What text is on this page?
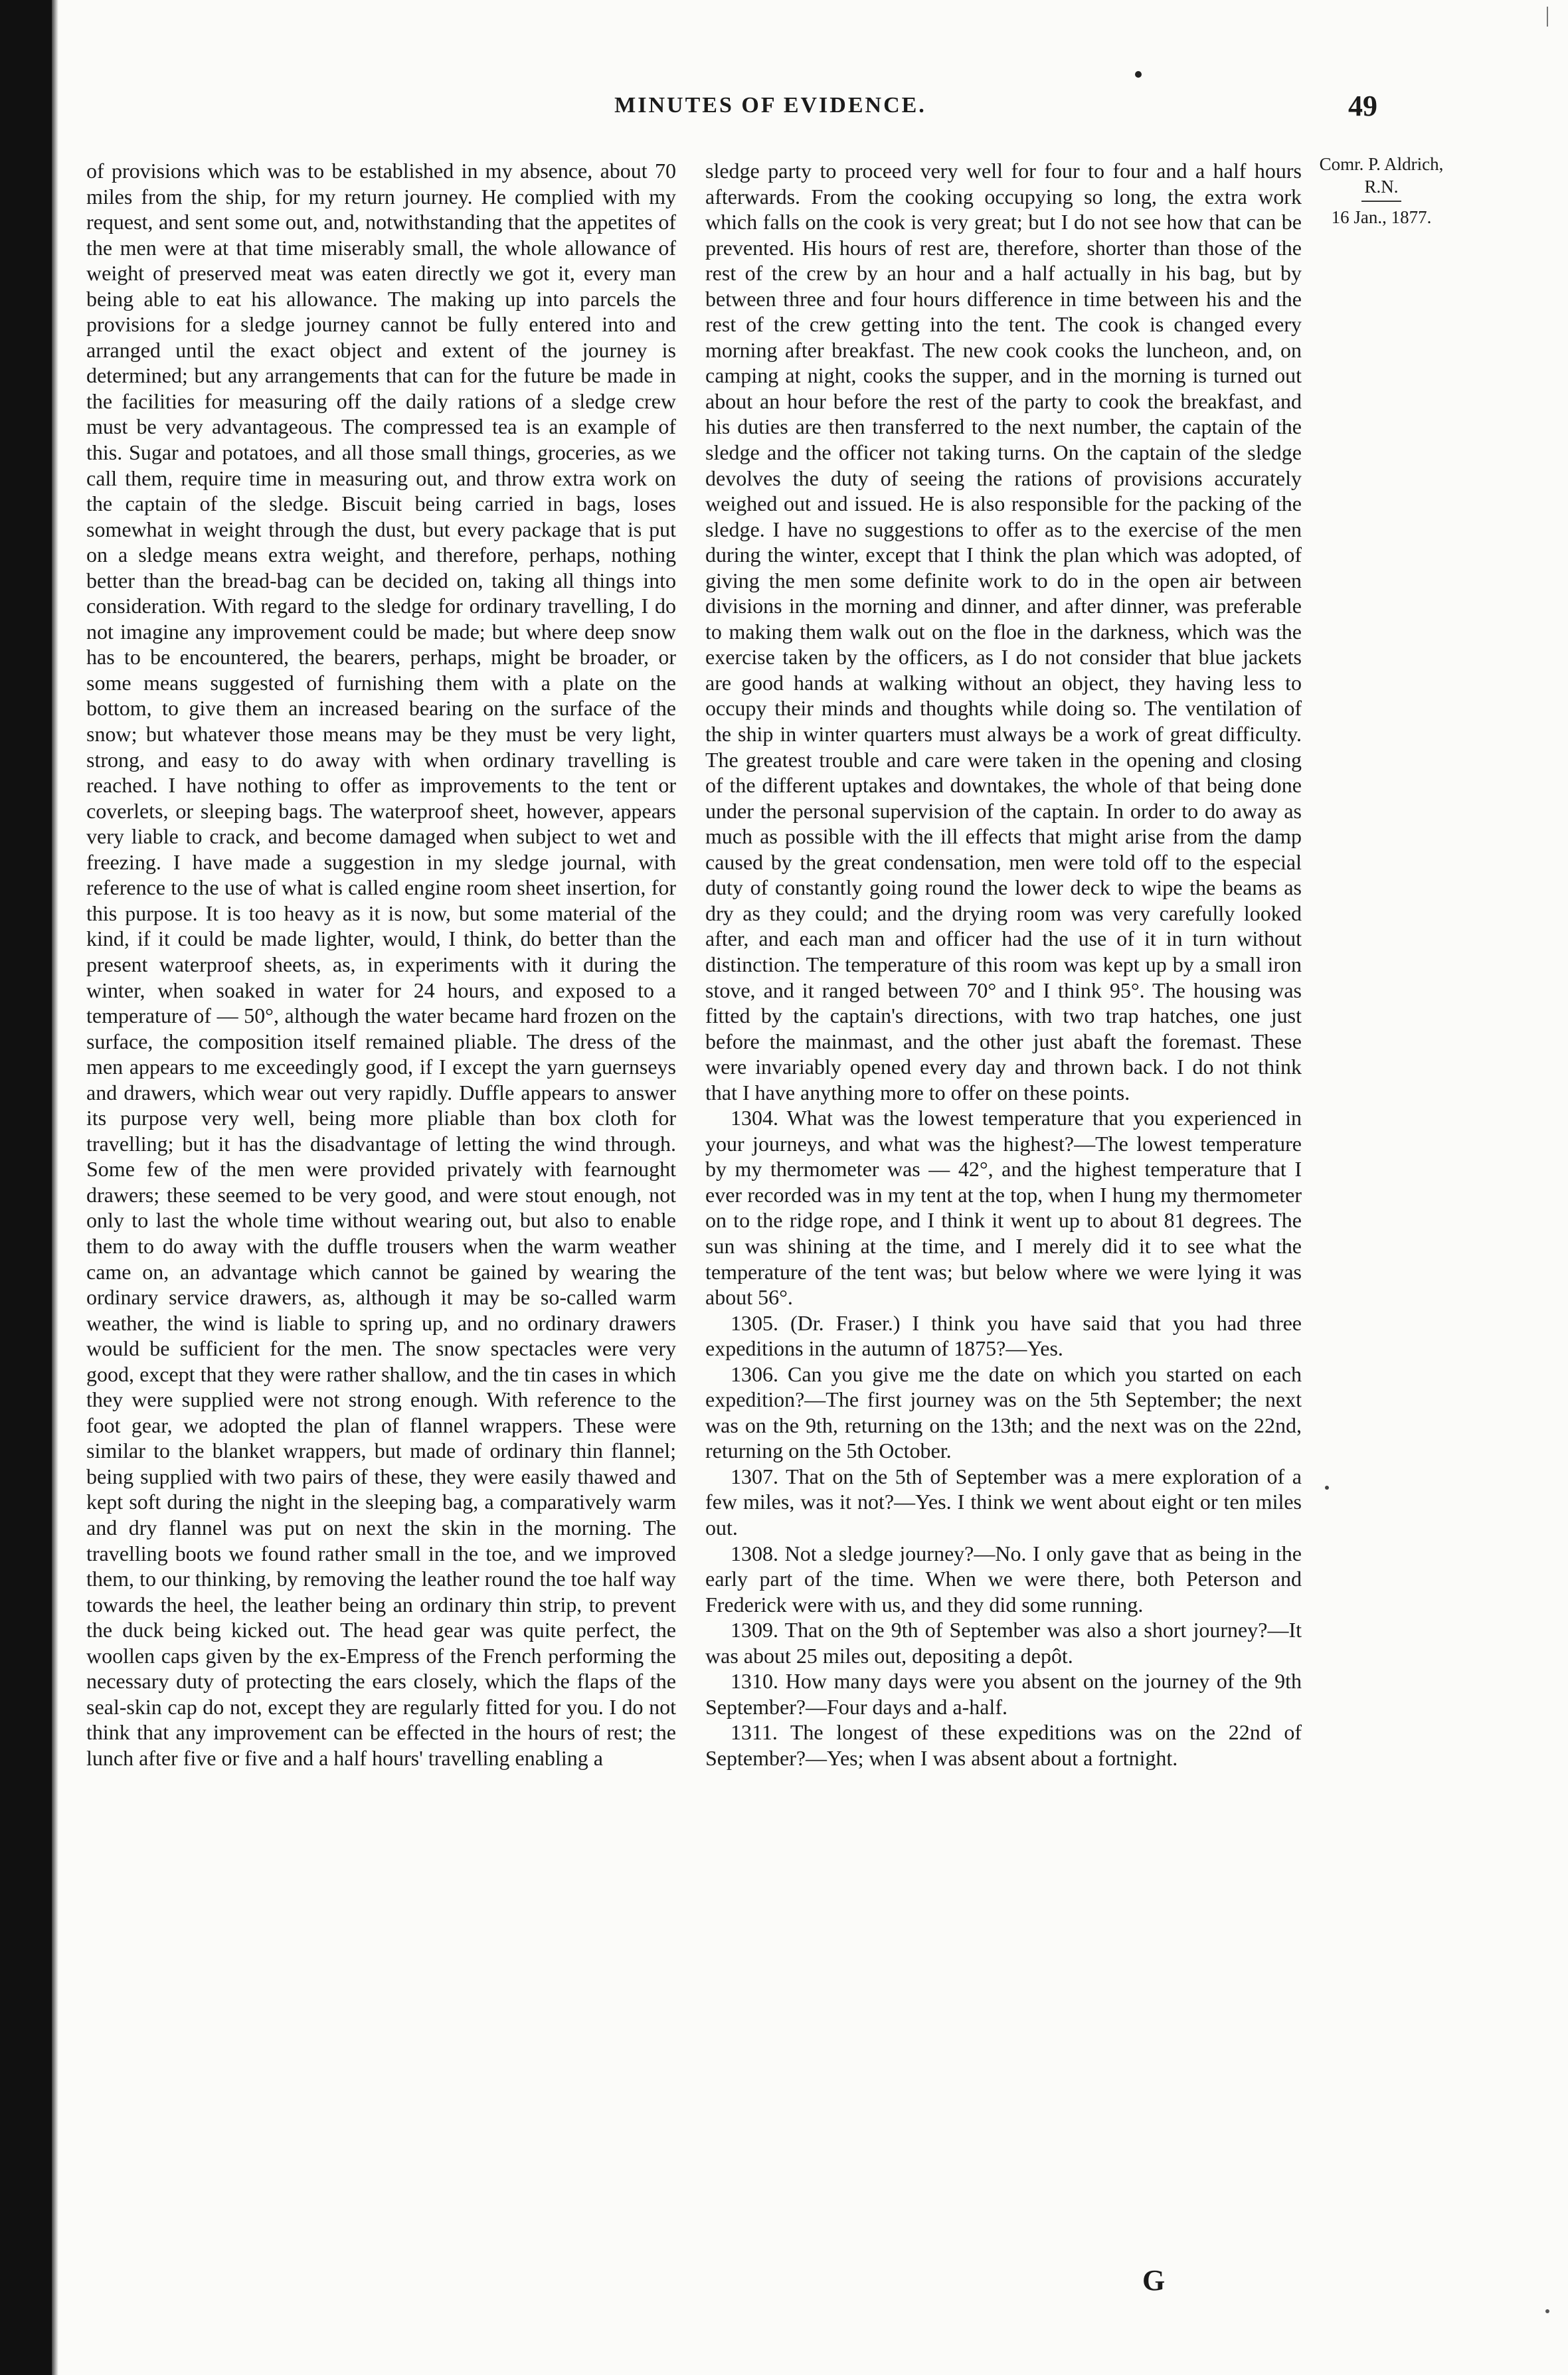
MINUTES OF EVIDENCE.	49

of provisions which was to be established in my absence, about 70 miles from the ship, for my return journey. He complied with my request, and sent some out, and, notwithstanding that the appetites of the men were at that time miserably small, the whole allowance of weight of preserved meat was eaten directly we got it, every man being able to eat his allowance. The making up into parcels the provisions for a sledge journey cannot be fully entered into and arranged until the exact object and extent of the journey is determined; but any arrangements that can for the future be made in the facilities for measuring off the daily rations of a sledge crew must be very advantageous. The compressed tea is an example of this. Sugar and potatoes, and all those small things, groceries, as we call them, require time in measuring out, and throw extra work on the captain of the sledge. Biscuit being carried in bags, loses somewhat in weight through the dust, but every package that is put on a sledge means extra weight, and therefore, perhaps, nothing better than the bread-bag can be decided on, taking all things into consideration. With regard to the sledge for ordinary travelling, I do not imagine any improvement could be made; but where deep snow has to be encountered, the bearers, perhaps, might be broader, or some means suggested of furnishing them with a plate on the bottom, to give them an increased bearing on the surface of the snow; but whatever those means may be they must be very light, strong, and easy to do away with when ordinary travelling is reached. I have nothing to offer as improvements to the tent or coverlets, or sleeping bags. The waterproof sheet, however, appears very liable to crack, and become damaged when subject to wet and freezing. I have made a suggestion in my sledge journal, with reference to the use of what is called engine room sheet insertion, for this purpose. It is too heavy as it is now, but some material of the kind, if it could be made lighter, would, I think, do better than the present waterproof sheets, as, in experiments with it during the winter, when soaked in water for 24 hours, and exposed to a temperature of — 50°, although the water became hard frozen on the surface, the composition itself remained pliable. The dress of the men appears to me exceedingly good, if I except the yarn guernseys and drawers, which wear out very rapidly. Duffle appears to answer its purpose very well, being more pliable than box cloth for travelling; but it has the disadvantage of letting the wind through. Some few of the men were provided privately with fearnought drawers; these seemed to be very good, and were stout enough, not only to last the whole time without wearing out, but also to enable them to do away with the duffle trousers when the warm weather came on, an advantage which cannot be gained by wearing the ordinary service drawers, as, although it may be so-called warm weather, the wind is liable to spring up, and no ordinary drawers would be sufficient for the men. The snow spectacles were very good, except that they were rather shallow, and the tin cases in which they were supplied were not strong enough. With reference to the foot gear, we adopted the plan of flannel wrappers. These were similar to the blanket wrappers, but made of ordinary thin flannel; being supplied with two pairs of these, they were easily thawed and kept soft during the night in the sleeping bag, a comparatively warm and dry flannel was put on next the skin in the morning. The travelling boots we found rather small in the toe, and we improved them, to our thinking, by removing the leather round the toe half way towards the heel, the leather being an ordinary thin strip, to prevent the duck being kicked out. The head gear was quite perfect, the woollen caps given by the ex-Empress of the French performing the necessary duty of protecting the ears closely, which the flaps of the seal-skin cap do not, except they are regularly fitted for you. I do not think that any improvement can be effected in the hours of rest; the lunch after five or five and a half hours' travelling enabling a

sledge party to proceed very well for four to four and a half hours afterwards. From the cooking occupying so long, the extra work which falls on the cook is very great; but I do not see how that can be prevented. His hours of rest are, therefore, shorter than those of the rest of the crew by an hour and a half actually in his bag, but by between three and four hours difference in time between his and the rest of the crew getting into the tent. The cook is changed every morning after breakfast. The new cook cooks the luncheon, and, on camping at night, cooks the supper, and in the morning is turned out about an hour before the rest of the party to cook the breakfast, and his duties are then transferred to the next number, the captain of the sledge and the officer not taking turns. On the captain of the sledge devolves the duty of seeing the rations of provisions accurately weighed out and issued. He is also responsible for the packing of the sledge. I have no suggestions to offer as to the exercise of the men during the winter, except that I think the plan which was adopted, of giving the men some definite work to do in the open air between divisions in the morning and dinner, and after dinner, was preferable to making them walk out on the floe in the darkness, which was the exercise taken by the officers, as I do not consider that blue jackets are good hands at walking without an object, they having less to occupy their minds and thoughts while doing so. The ventilation of the ship in winter quarters must always be a work of great difficulty. The greatest trouble and care were taken in the opening and closing of the different uptakes and downtakes, the whole of that being done under the personal supervision of the captain. In order to do away as much as possible with the ill effects that might arise from the damp caused by the great condensation, men were told off to the especial duty of constantly going round the lower deck to wipe the beams as dry as they could; and the drying room was very carefully looked after, and each man and officer had the use of it in turn without distinction. The temperature of this room was kept up by a small iron stove, and it ranged between 70° and I think 95°. The housing was fitted by the captain's directions, with two trap hatches, one just before the mainmast, and the other just abaft the foremast. These were invariably opened every day and thrown back. I do not think that I have anything more to offer on these points.

1304. What was the lowest temperature that you experienced in your journeys, and what was the highest?—The lowest temperature by my thermometer was — 42°, and the highest temperature that I ever recorded was in my tent at the top, when I hung my thermometer on to the ridge rope, and I think it went up to about 81 degrees. The sun was shining at the time, and I merely did it to see what the temperature of the tent was; but below where we were lying it was about 56°.

1305. (Dr. Fraser.) I think you have said that you had three expeditions in the autumn of 1875?—Yes.

1306. Can you give me the date on which you started on each expedition?—The first journey was on the 5th September; the next was on the 9th, returning on the 13th; and the next was on the 22nd, returning on the 5th October.

1307. That on the 5th of September was a mere exploration of a few miles, was it not?—Yes. I think we went about eight or ten miles out.

1308. Not a sledge journey?—No. I only gave that as being in the early part of the time. When we were there, both Peterson and Frederick were with us, and they did some running.

1309. That on the 9th of September was also a short journey?—It was about 25 miles out, depositing a depôt.

1310. How many days were you absent on the journey of the 9th September?—Four days and a-half.

1311. The longest of these expeditions was on the 22nd of September?—Yes; when I was absent about a fortnight.

Comr. P. Aldrich, R.N.
16 Jan., 1877.
G
